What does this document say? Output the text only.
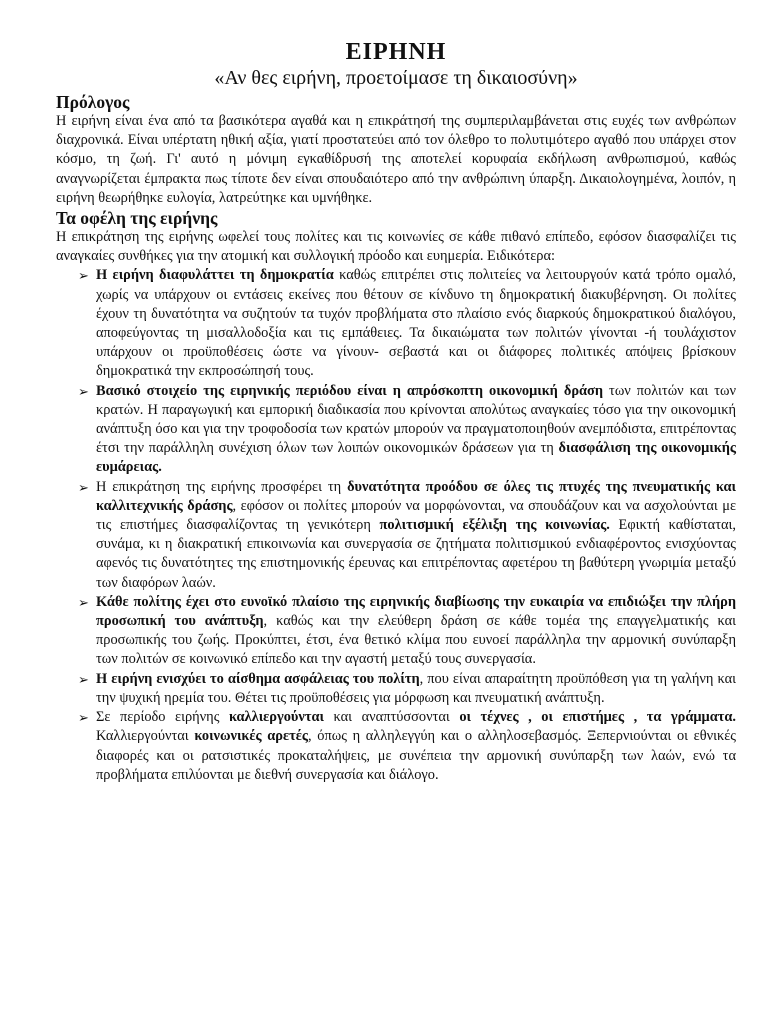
ΕΙΡΗΝΗ

«Αν θες ειρήνη, προετοίμασε τη δικαιοσύνη»

Πρόλογος

Η ειρήνη είναι ένα από τα βασικότερα αγαθά και η επικράτησή της συμπεριλαμβάνεται στις ευχές των ανθρώπων διαχρονικά. Είναι υπέρτατη ηθική αξία, γιατί προστατεύει από τον όλεθρο το πολυτιμότερο αγαθό που υπάρχει στον κόσμο, τη ζωή. Γι' αυτό η μόνιμη εγκαθίδρυσή της αποτελεί κορυφαία εκδήλωση ανθρωπισμού, καθώς αναγνωρίζεται έμπρακτα πως τίποτε δεν είναι σπουδαιότερο από την ανθρώπινη ύπαρξη. Δικαιολογημένα, λοιπόν, η ειρήνη θεωρήθηκε ευλογία, λατρεύτηκε και υμνήθηκε.

Τα οφέλη της ειρήνης

Η επικράτηση της ειρήνης ωφελεί τους πολίτες και τις κοινωνίες σε κάθε πιθανό επίπεδο, εφόσον διασφαλίζει τις αναγκαίες συνθήκες για την ατομική και συλλογική πρόοδο και ευημερία. Ειδικότερα:

➢ Η ειρήνη διαφυλάττει τη δημοκρατία καθώς επιτρέπει στις πολιτείες να λειτουργούν κατά τρόπο ομαλό, χωρίς να υπάρχουν οι εντάσεις εκείνες που θέτουν σε κίνδυνο τη δημοκρατική διακυβέρνηση. Οι πολίτες έχουν τη δυνατότητα να συζητούν τα τυχόν προβλήματα στο πλαίσιο ενός διαρκούς δημοκρατικού διαλόγου, αποφεύγοντας τη μισαλλοδοξία και τις εμπάθειες. Τα δικαιώματα των πολιτών γίνονται -ή τουλάχιστον υπάρχουν οι προϋποθέσεις ώστε να γίνουν- σεβαστά και οι διάφορες πολιτικές απόψεις βρίσκουν δημοκρατικά την εκπροσώπησή τους.
➢ Βασικό στοιχείο της ειρηνικής περιόδου είναι η απρόσκοπτη οικονομική δράση των πολιτών και των κρατών. Η παραγωγική και εμπορική διαδικασία που κρίνονται απολύτως αναγκαίες τόσο για την οικονομική ανάπτυξη όσο και για την τροφοδοσία των κρατών μπορούν να πραγματοποιηθούν ανεμπόδιστα, επιτρέποντας έτσι την παράλληλη συνέχιση όλων των λοιπών οικονομικών δράσεων για τη διασφάλιση της οικονομικής ευμάρειας.
➢ Η επικράτηση της ειρήνης προσφέρει τη δυνατότητα προόδου σε όλες τις πτυχές της πνευματικής και καλλιτεχνικής δράσης, εφόσον οι πολίτες μπορούν να μορφώνονται, να σπουδάζουν και να ασχολούνται με τις επιστήμες διασφαλίζοντας τη γενικότερη πολιτισμική εξέλιξη της κοινωνίας. Εφικτή καθίσταται, συνάμα, κι η διακρατική επικοινωνία και συνεργασία σε ζητήματα πολιτισμικού ενδιαφέροντος ενισχύοντας αφενός τις δυνατότητες της επιστημονικής έρευνας και επιτρέποντας αφετέρου τη βαθύτερη γνωριμία μεταξύ των διαφόρων λαών.
➢ Κάθε πολίτης έχει στο ευνοϊκό πλαίσιο της ειρηνικής διαβίωσης την ευκαιρία να επιδιώξει την πλήρη προσωπική του ανάπτυξη, καθώς και την ελεύθερη δράση σε κάθε τομέα της επαγγελματικής και προσωπικής του ζωής. Προκύπτει, έτσι, ένα θετικό κλίμα που ευνοεί παράλληλα την αρμονική συνύπαρξη των πολιτών σε κοινωνικό επίπεδο και την αγαστή μεταξύ τους συνεργασία.
➢ Η ειρήνη ενισχύει το αίσθημα ασφάλειας του πολίτη, που είναι απαραίτητη προϋπόθεση για τη γαλήνη και την ψυχική ηρεμία του. Θέτει τις προϋποθέσεις για μόρφωση και πνευματική ανάπτυξη.
➢ Σε περίοδο ειρήνης καλλιεργούνται και αναπτύσσονται οι τέχνες , οι επιστήμες , τα γράμματα. Καλλιεργούνται κοινωνικές αρετές, όπως η αλληλεγγύη και ο αλληλοσεβασμός. Ξεπερνιούνται οι εθνικές διαφορές και οι ρατσιστικές προκαταλήψεις, με συνέπεια την αρμονική συνύπαρξη των λαών, ενώ τα προβλήματα επιλύονται με διεθνή συνεργασία και διάλογο.
